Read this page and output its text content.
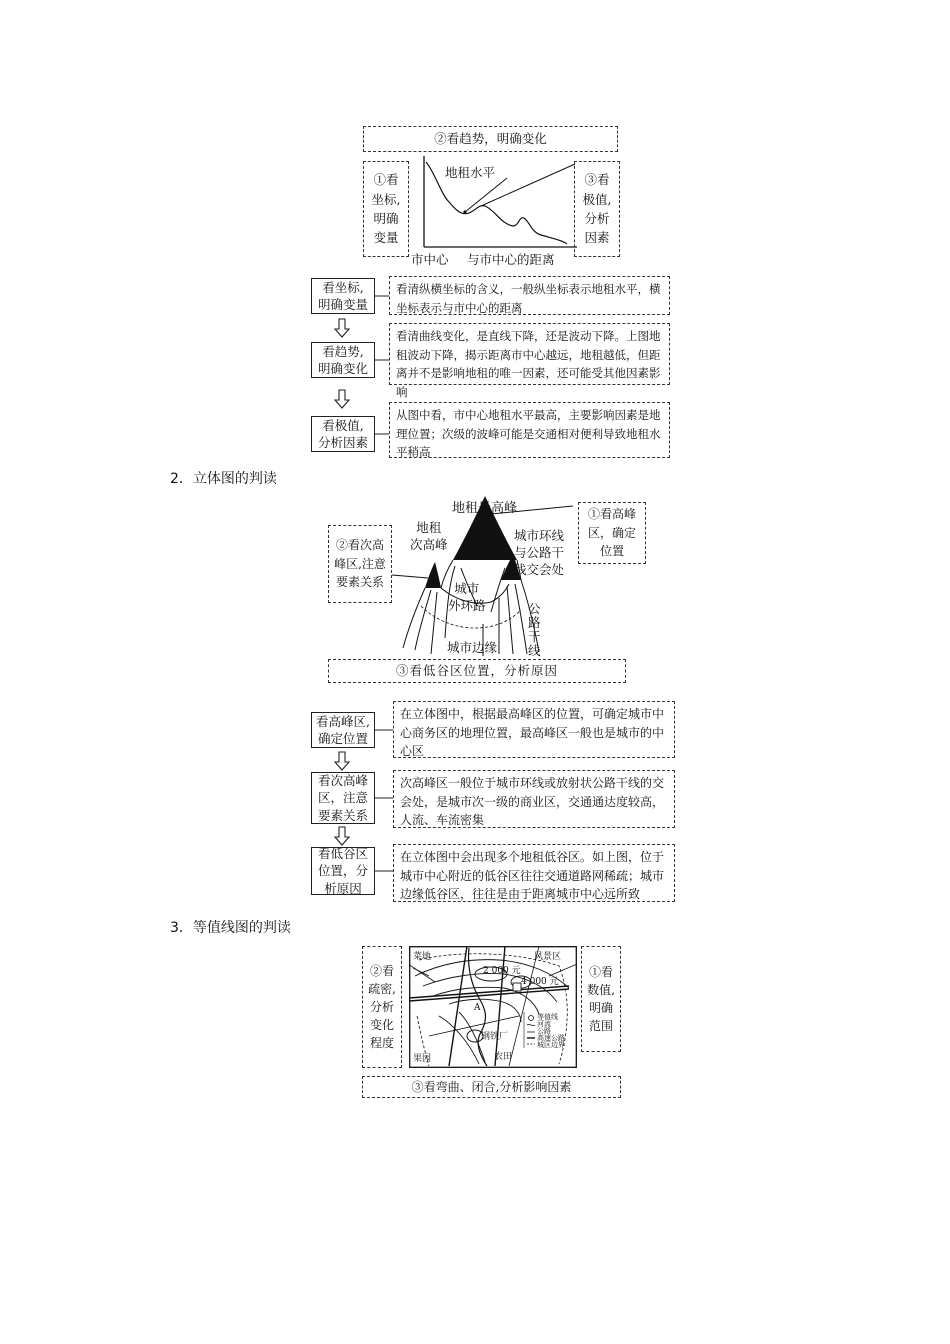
②看趋势，明确变化
①看
坐标,
明确
变量
③看
极值,
分析
因素
地租水平
市中心 与市中心的距离
看坐标,
明确变量
看清纵横坐标的含义，一般纵坐标表示地租水平，横坐标表示与市中心的距离
看趋势,
明确变化
看清曲线变化，是直线下降，还是波动下降。上图地租波动下降，揭示距离市中心越远，地租越低，但距离并不是影响地租的唯一因素，还可能受其他因素影响
看极值,
分析因素
从图中看，市中心地租水平最高，主要影响因素是地理位置；次级的波峰可能是交通相对便利导致地租水平稍高
2．立体图的判读
地租最高峰	①看高峰
区，确定
位置
②看次高
峰区,注意
要素关系
地租
次高峰
城市环线
与公路干
线交会处
城市
外环路	公
路
干
线
城市边缘
③看低谷区位置，分析原因
看高峰区,
确定位置
在立体图中，根据最高峰区的位置，可确定城市中心商务区的地理位置，最高峰区一般也是城市的中心区
看次高峰
区，注意
要素关系
次高峰区一般位于城市环线或放射状公路干线的交会处，是城市次一级的商业区，交通通达度较高，人流、车流密集
看低谷区
位置，分
析原因
在立体图中会出现多个地租低谷区。如上图，位于城市中心附近的低谷区往往交通道路网稀疏；城市边缘低谷区，往往是由于距离城市中心远所致
3．等值线图的判读
②看
疏密,
分析
变化
程度
①看
数值,
明确
范围
菜地	风景区
2 000 元
4 000 元
A
钢铁厂
果园	农田
等值线
河流
公路
高速公路
城区边界
③看弯曲、闭合,分析影响因素
